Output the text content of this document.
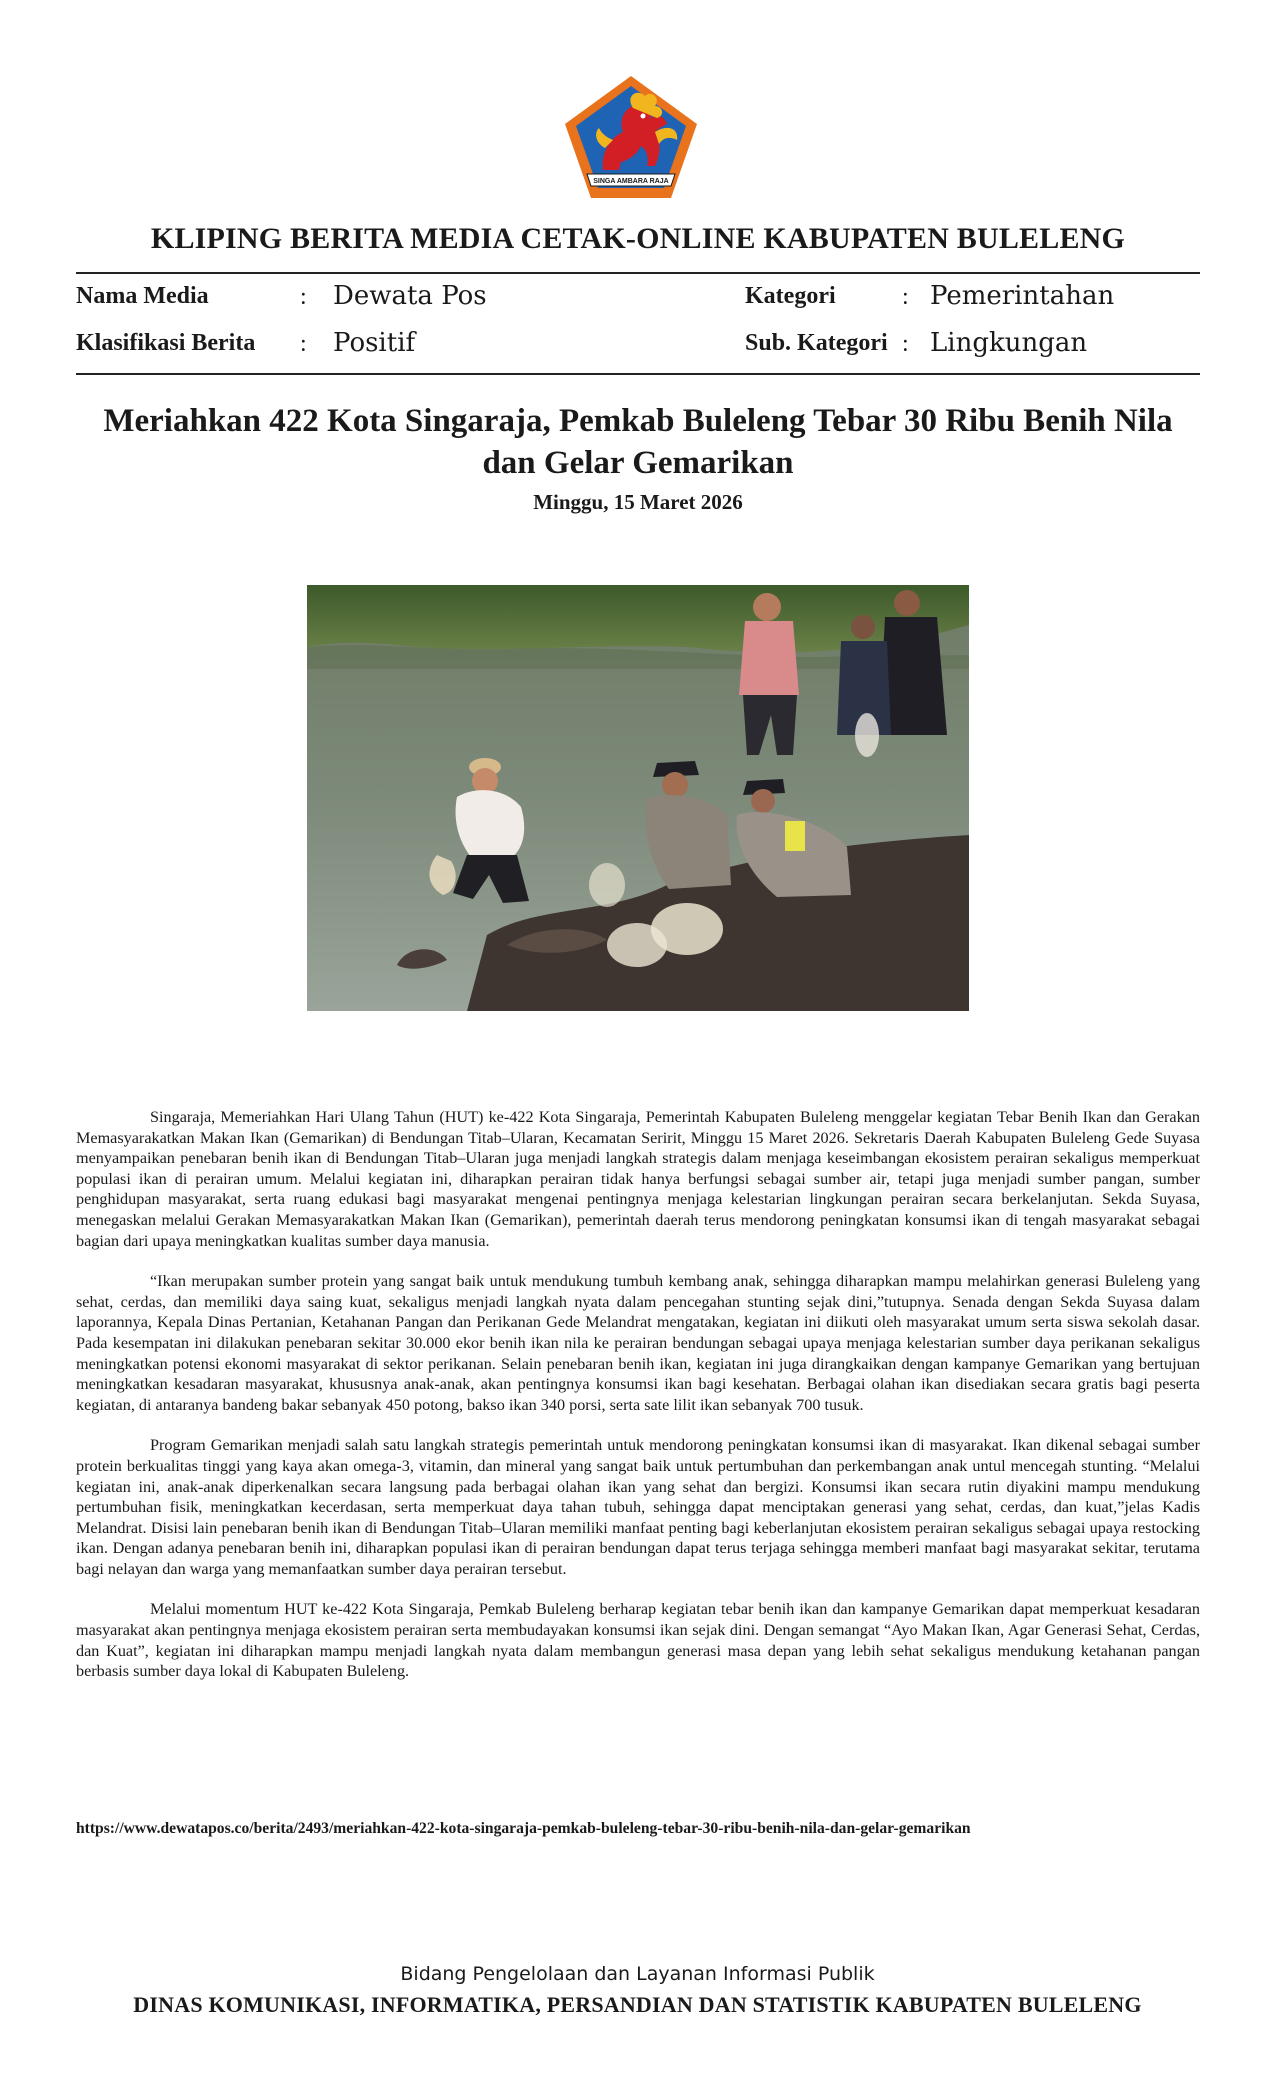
SINGA AMBARA RAJA
KLIPING BERITA MEDIA CETAK-ONLINE KABUPATEN BULELENG
Nama Media	: Dewata Pos	Kategori	: Pemerintahan
Klasifikasi Berita : Positif	Sub. Kategori : Lingkungan
Meriahkan 422 Kota Singaraja, Pemkab Buleleng Tebar 30 Ribu Benih Nila dan Gelar Gemarikan
Minggu, 15 Maret 2026

Singaraja, Memeriahkan Hari Ulang Tahun (HUT) ke-422 Kota Singaraja, Pemerintah Kabupaten Buleleng menggelar kegiatan Tebar Benih Ikan dan Gerakan Memasyarakatkan Makan Ikan (Gemarikan) di Bendungan Titab–Ularan, Kecamatan Seririt, Minggu 15 Maret 2026. Sekretaris Daerah Kabupaten Buleleng Gede Suyasa menyampaikan penebaran benih ikan di Bendungan Titab–Ularan juga menjadi langkah strategis dalam menjaga keseimbangan ekosistem perairan sekaligus memperkuat populasi ikan di perairan umum. Melalui kegiatan ini, diharapkan perairan tidak hanya berfungsi sebagai sumber air, tetapi juga menjadi sumber pangan, sumber penghidupan masyarakat, serta ruang edukasi bagi masyarakat mengenai pentingnya menjaga kelestarian lingkungan perairan secara berkelanjutan. Sekda Suyasa, menegaskan melalui Gerakan Memasyarakatkan Makan Ikan (Gemarikan), pemerintah daerah terus mendorong peningkatan konsumsi ikan di tengah masyarakat sebagai bagian dari upaya meningkatkan kualitas sumber daya manusia.

“Ikan merupakan sumber protein yang sangat baik untuk mendukung tumbuh kembang anak, sehingga diharapkan mampu melahirkan generasi Buleleng yang sehat, cerdas, dan memiliki daya saing kuat, sekaligus menjadi langkah nyata dalam pencegahan stunting sejak dini,”tutupnya. Senada dengan Sekda Suyasa dalam laporannya, Kepala Dinas Pertanian, Ketahanan Pangan dan Perikanan Gede Melandrat mengatakan, kegiatan ini diikuti oleh masyarakat umum serta siswa sekolah dasar. Pada kesempatan ini dilakukan penebaran sekitar 30.000 ekor benih ikan nila ke perairan bendungan sebagai upaya menjaga kelestarian sumber daya perikanan sekaligus meningkatkan potensi ekonomi masyarakat di sektor perikanan. Selain penebaran benih ikan, kegiatan ini juga dirangkaikan dengan kampanye Gemarikan yang bertujuan meningkatkan kesadaran masyarakat, khususnya anak-anak, akan pentingnya konsumsi ikan bagi kesehatan. Berbagai olahan ikan disediakan secara gratis bagi peserta kegiatan, di antaranya bandeng bakar sebanyak 450 potong, bakso ikan 340 porsi, serta sate lilit ikan sebanyak 700 tusuk.

Program Gemarikan menjadi salah satu langkah strategis pemerintah untuk mendorong peningkatan konsumsi ikan di masyarakat. Ikan dikenal sebagai sumber protein berkualitas tinggi yang kaya akan omega-3, vitamin, dan mineral yang sangat baik untuk pertumbuhan dan perkembangan anak untul mencegah stunting. “Melalui kegiatan ini, anak-anak diperkenalkan secara langsung pada berbagai olahan ikan yang sehat dan bergizi. Konsumsi ikan secara rutin diyakini mampu mendukung pertumbuhan fisik, meningkatkan kecerdasan, serta memperkuat daya tahan tubuh, sehingga dapat menciptakan generasi yang sehat, cerdas, dan kuat,”jelas Kadis Melandrat. Disisi lain penebaran benih ikan di Bendungan Titab–Ularan memiliki manfaat penting bagi keberlanjutan ekosistem perairan sekaligus sebagai upaya restocking ikan. Dengan adanya penebaran benih ini, diharapkan populasi ikan di perairan bendungan dapat terus terjaga sehingga memberi manfaat bagi masyarakat sekitar, terutama bagi nelayan dan warga yang memanfaatkan sumber daya perairan tersebut.

Melalui momentum HUT ke-422 Kota Singaraja, Pemkab Buleleng berharap kegiatan tebar benih ikan dan kampanye Gemarikan dapat memperkuat kesadaran masyarakat akan pentingnya menjaga ekosistem perairan serta membudayakan konsumsi ikan sejak dini. Dengan semangat “Ayo Makan Ikan, Agar Generasi Sehat, Cerdas, dan Kuat”, kegiatan ini diharapkan mampu menjadi langkah nyata dalam membangun generasi masa depan yang lebih sehat sekaligus mendukung ketahanan pangan berbasis sumber daya lokal di Kabupaten Buleleng.

https://www.dewatapos.co/berita/2493/meriahkan-422-kota-singaraja-pemkab-buleleng-tebar-30-ribu-benih-nila-dan-gelar-gemarikan
Bidang Pengelolaan dan Layanan Informasi Publik
DINAS KOMUNIKASI, INFORMATIKA, PERSANDIAN DAN STATISTIK KABUPATEN BULELENG
